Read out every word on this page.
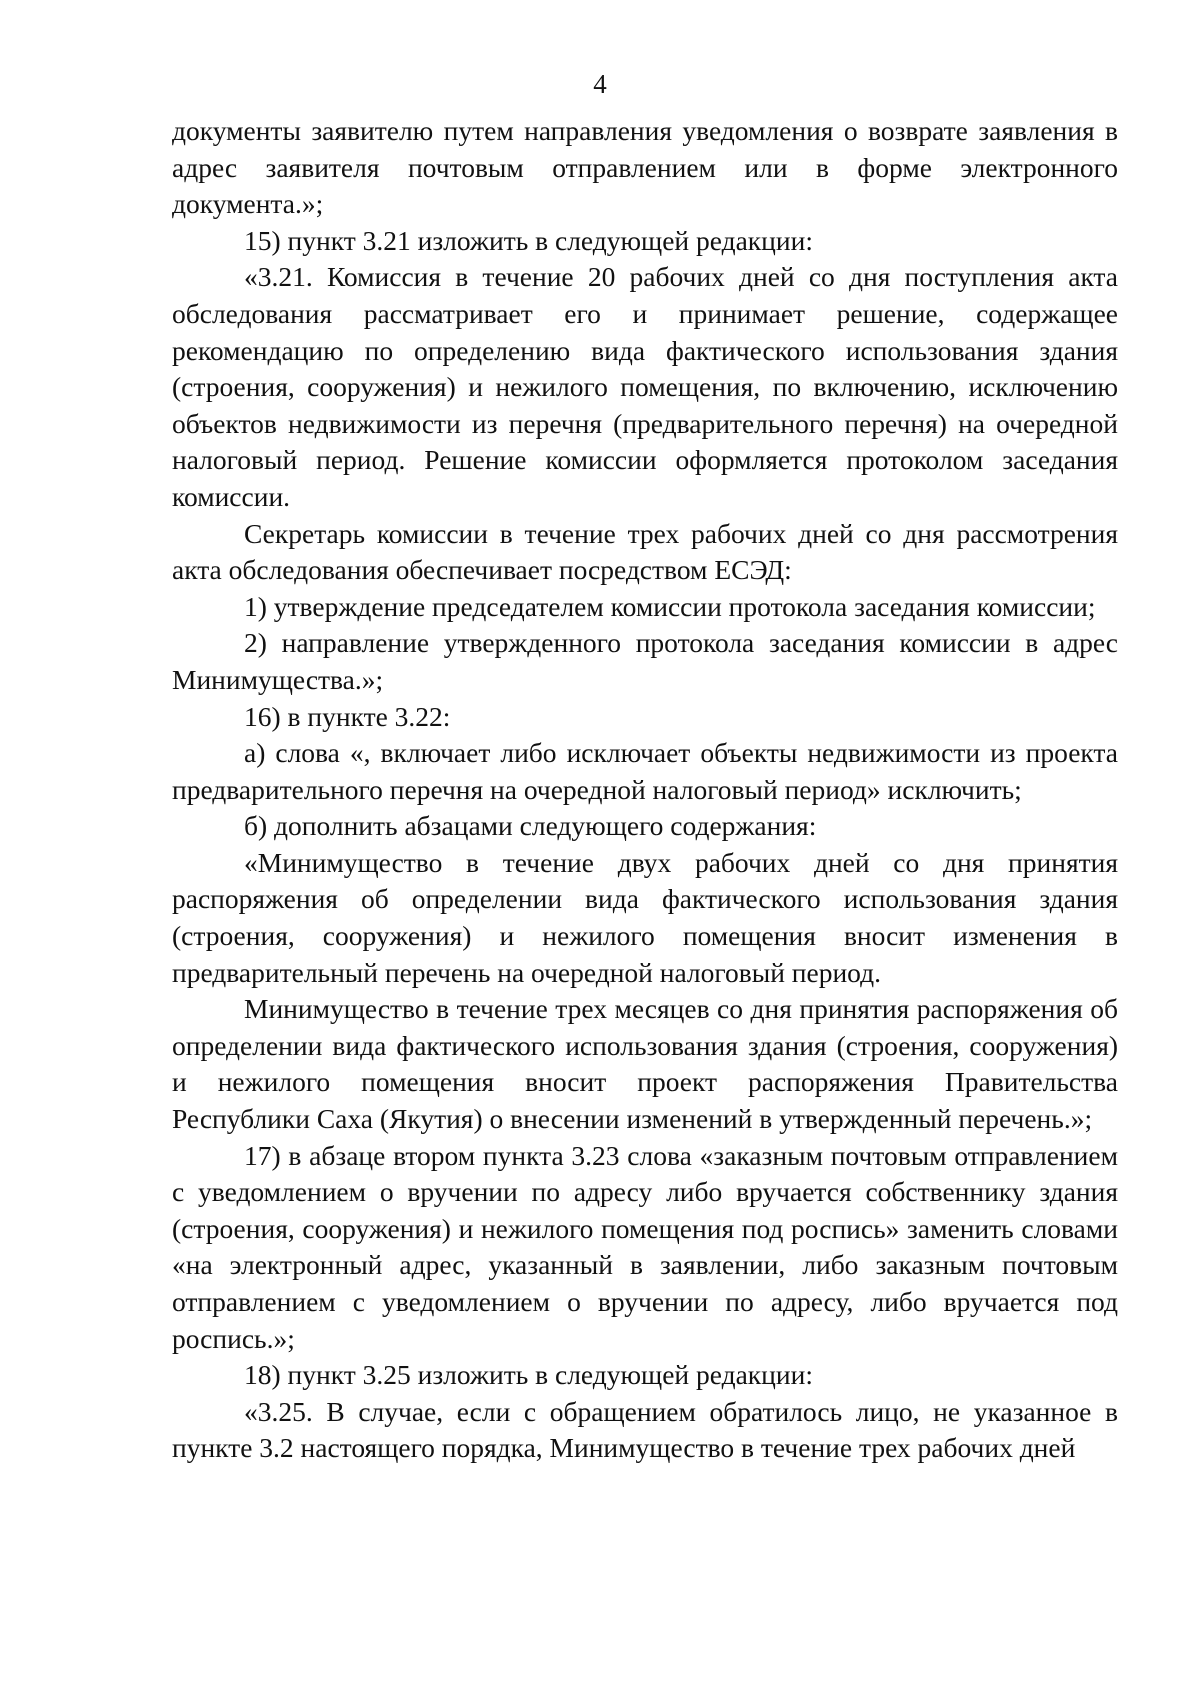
4

документы заявителю путем направления уведомления о возврате заявления в адрес заявителя почтовым отправлением или в форме электронного документа.»;

15) пункт 3.21 изложить в следующей редакции:

«3.21. Комиссия в течение 20 рабочих дней со дня поступления акта обследования рассматривает его и принимает решение, содержащее рекомендацию по определению вида фактического использования здания (строения, сооружения) и нежилого помещения, по включению, исключению объектов недвижимости из перечня (предварительного перечня) на очередной налоговый период. Решение комиссии оформляется протоколом заседания комиссии.

Секретарь комиссии в течение трех рабочих дней со дня рассмотрения акта обследования обеспечивает посредством ЕСЭД:

1) утверждение председателем комиссии протокола заседания комиссии;

2) направление утвержденного протокола заседания комиссии в адрес Минимущества.»;

16) в пункте 3.22:

а) слова «, включает либо исключает объекты недвижимости из проекта предварительного перечня на очередной налоговый период» исключить;

б) дополнить абзацами следующего содержания:

«Минимущество в течение двух рабочих дней со дня принятия распоряжения об определении вида фактического использования здания (строения, сооружения) и нежилого помещения вносит изменения в предварительный перечень на очередной налоговый период.

Минимущество в течение трех месяцев со дня принятия распоряжения об определении вида фактического использования здания (строения, сооружения) и нежилого помещения вносит проект распоряжения Правительства Республики Саха (Якутия) о внесении изменений в утвержденный перечень.»;

17) в абзаце втором пункта 3.23 слова «заказным почтовым отправлением с уведомлением о вручении по адресу либо вручается собственнику здания (строения, сооружения) и нежилого помещения под роспись» заменить словами «на электронный адрес, указанный в заявлении, либо заказным почтовым отправлением с уведомлением о вручении по адресу, либо вручается под роспись.»;

18) пункт 3.25 изложить в следующей редакции:

«3.25. В случае, если с обращением обратилось лицо, не указанное в пункте 3.2 настоящего порядка, Минимущество в течение трех рабочих дней
